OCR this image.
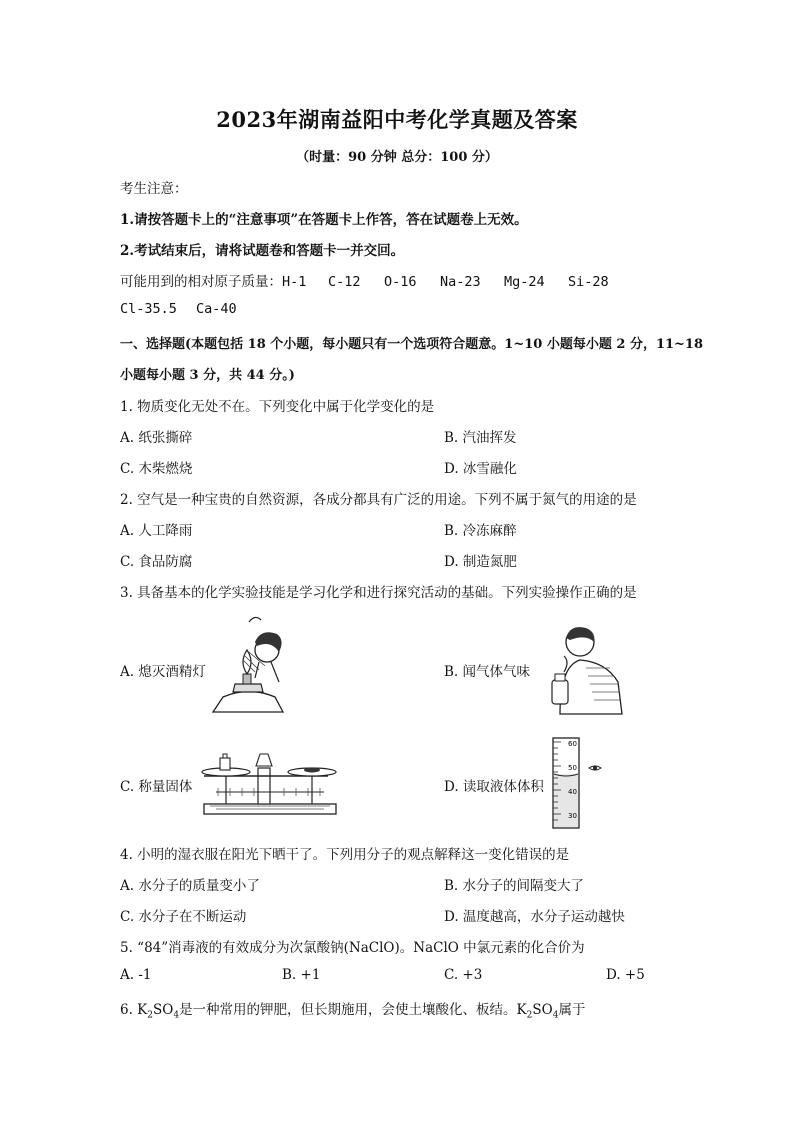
2023年湖南益阳中考化学真题及答案
（时量：90 分钟 总分：100 分）
考生注意：
1.请按答题卡上的“注意事项”在答题卡上作答，答在试题卷上无效。
2.考试结束后，请将试题卷和答题卡一并交回。
可能用到的相对原子质量：H-1 C-12 O-16 Na-23 Mg-24 Si-28
Cl-35.5 Ca-40
一、选择题(本题包括 18 个小题，每小题只有一个选项符合题意。1~10 小题每小题 2 分，11~18
小题每小题 3 分，共 44 分。)
1. 物质变化无处不在。下列变化中属于化学变化的是
A. 纸张撕碎	B. 汽油挥发
C. 木柴燃烧	D. 冰雪融化
2. 空气是一种宝贵的自然资源，各成分都具有广泛的用途。下列不属于氮气的用途的是
A. 人工降雨	B. 冷冻麻醉
C. 食品防腐	D. 制造氮肥
3. 具备基本的化学实验技能是学习化学和进行探究活动的基础。下列实验操作正确的是
A. 熄灭酒精灯	B. 闻气体气味
C. 称量固体	D. 读取液体体积
60
50
40
30
4. 小明的湿衣服在阳光下晒干了。下列用分子的观点解释这一变化错误的是
A. 水分子的质量变小了	B. 水分子的间隔变大了
C. 水分子在不断运动	D. 温度越高，水分子运动越快
5. “84”消毒液的有效成分为次氯酸钠(NaClO)。NaClO 中氯元素的化合价为
A. -1	B. +1	C. +3	D. +5
6. $K_2SO_4$是一种常用的钾肥，但长期施用，会使土壤酸化、板结。$K_2SO_4$属于
